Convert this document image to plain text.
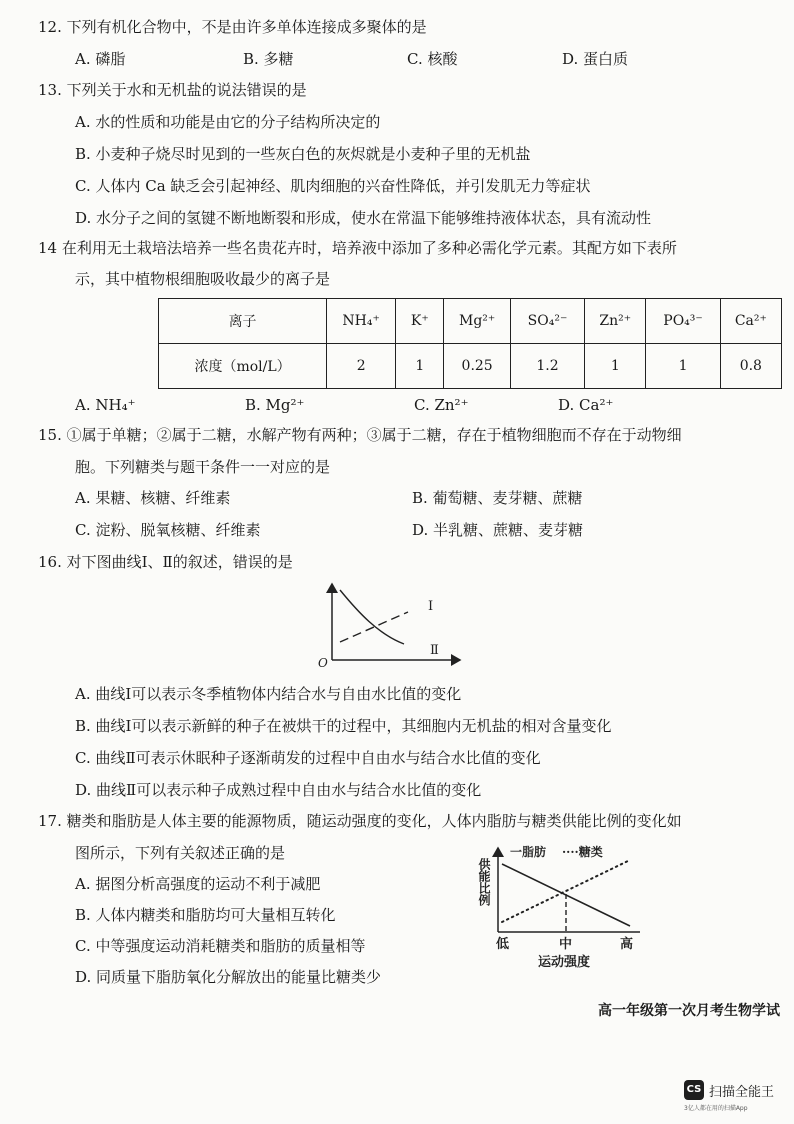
12. 下列有机化合物中，不是由许多单体连接成多聚体的是
A. 磷脂	B. 多糖	C. 核酸	D. 蛋白质
13. 下列关于水和无机盐的说法错误的是
A. 水的性质和功能是由它的分子结构所决定的
B. 小麦种子烧尽时见到的一些灰白色的灰烬就是小麦种子里的无机盐
C. 人体内 Ca 缺乏会引起神经、肌肉细胞的兴奋性降低，并引发肌无力等症状
D. 水分子之间的氢键不断地断裂和形成，使水在常温下能够维持液体状态，具有流动性
14 在利用无土栽培法培养一些名贵花卉时，培养液中添加了多种必需化学元素。其配方如下表所
示，其中植物根细胞吸收最少的离子是
离子	NH₄⁺	K⁺	Mg²⁺	SO₄²⁻	Zn²⁺	PO₄³⁻	Ca²⁺
浓度（mol/L）	2	1	0.25	1.2	1	1	0.8
A. NH₄⁺	B. Mg²⁺	C. Zn²⁺	D. Ca²⁺
15. ①属于单糖；②属于二糖，水解产物有两种；③属于二糖，存在于植物细胞而不存在于动物细
胞。下列糖类与题干条件一一对应的是
A. 果糖、核糖、纤维素	B. 葡萄糖、麦芽糖、蔗糖
C. 淀粉、脱氧核糖、纤维素	D. 半乳糖、蔗糖、麦芽糖
16. 对下图曲线Ⅰ、Ⅱ的叙述，错误的是
Ⅰ
Ⅱ
O
A. 曲线Ⅰ可以表示冬季植物体内结合水与自由水比值的变化
B. 曲线Ⅰ可以表示新鲜的种子在被烘干的过程中，其细胞内无机盐的相对含量变化
C. 曲线Ⅱ可表示休眠种子逐渐萌发的过程中自由水与结合水比值的变化
D. 曲线Ⅱ可以表示种子成熟过程中自由水与结合水比值的变化
17. 糖类和脂肪是人体主要的能源物质，随运动强度的变化，人体内脂肪与糖类供能比例的变化如
图所示，下列有关叙述正确的是
A. 据图分析高强度的运动不利于减肥
B. 人体内糖类和脂肪均可大量相互转化
C. 中等强度运动消耗糖类和脂肪的质量相等
D. 同质量下脂肪氧化分解放出的能量比糖类少
供能比例
一脂肪 ····糖类
低	中	高
运动强度
高一年级第一次月考生物学试
CS 扫描全能王
3亿人都在用的扫描App
